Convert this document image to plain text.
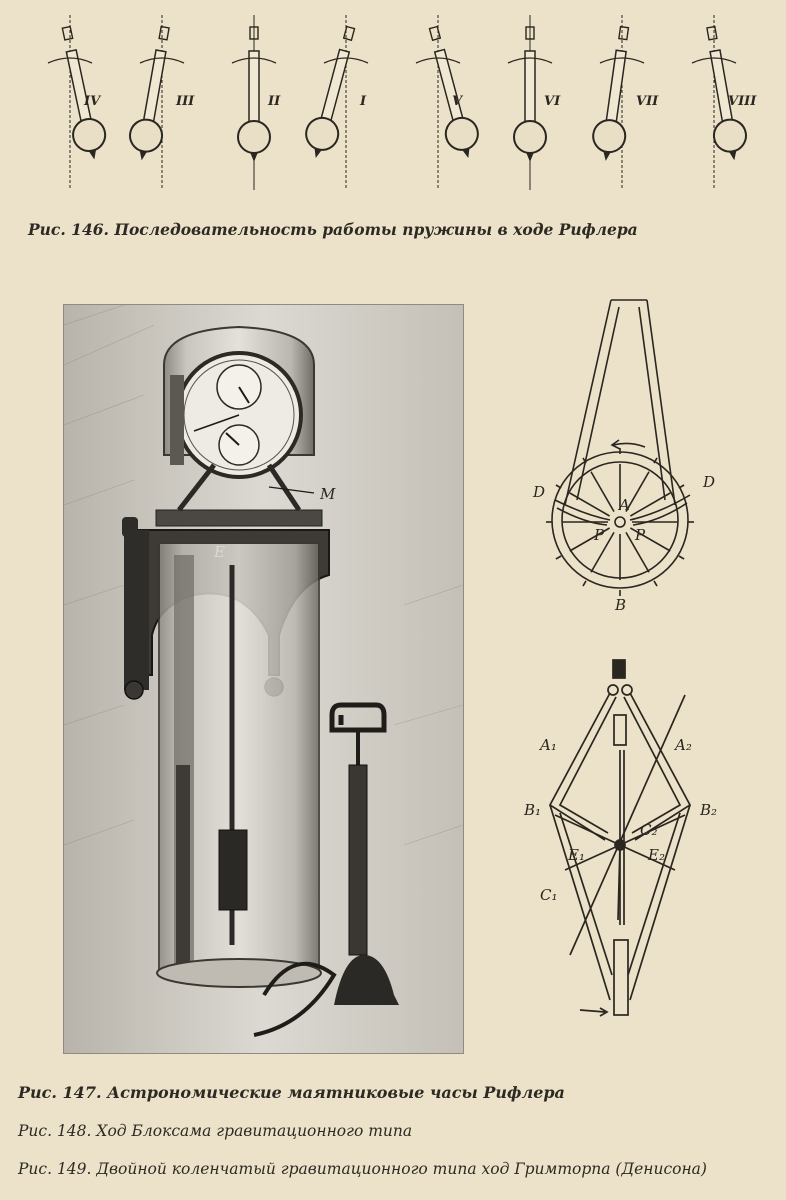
IV	III	II	I	V	VI	VII	VIII
Рис. 146. Последовательность работы пружины в ходе Рифлера
M	D
D
A
P P
B
A₁	A₂
B₁	B₂
C₂
C₁
E₁	E₂
Рис. 147. Астрономические маятниковые часы Рифлера
Рис. 148. Ход Блоксама гравитационного типа
Рис. 149. Двойной коленчатый гравитационного типа ход Гримторпа (Денисона)
